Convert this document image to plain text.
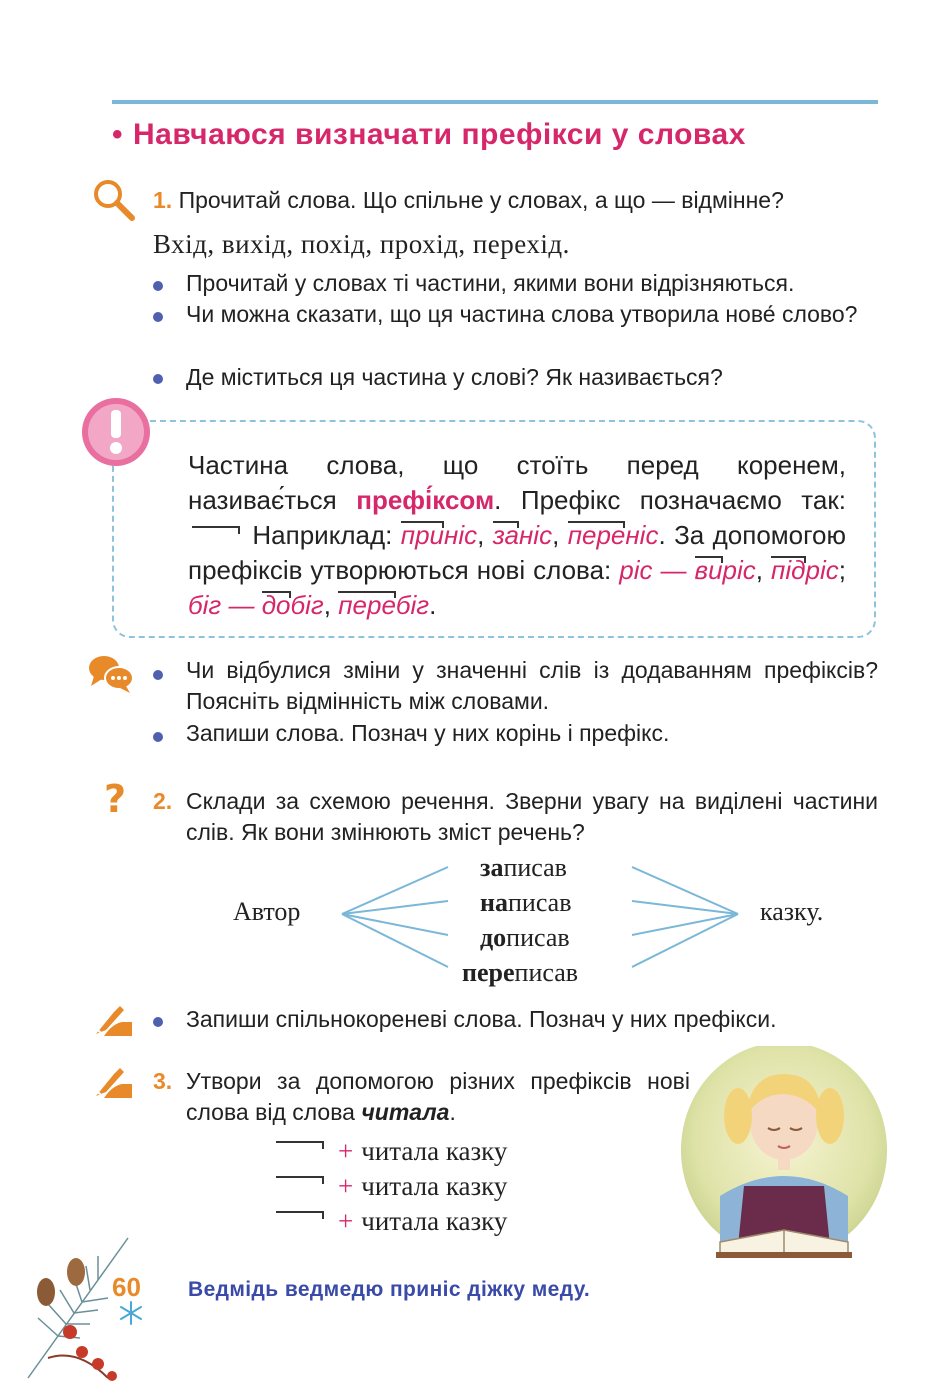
• Навчаюся визначати префікси у словах
1. Прочитай слова. Що спільне у словах, а що — відмінне?
Вхід, вихід, похід, прохід, перехід.
Прочитай у словах ті частини, якими вони відрізняються.
Чи можна сказати, що ця частина слова утворила нове́ слово?
Де міститься ця частина у слові? Як називається?
Частина слова, що стоїть перед коренем, називає́ться префі́ксом. Префікс позначаємо так:  Наприклад: приніс, заніс, переніс. За допомогою префіксів утворюються нові слова: ріс — виріс, підріс; біг — добіг, перебіг.
Чи відбулися зміни у значенні слів із додаванням префіксів? Поясніть відмінність між словами.
Запиши слова. Познач у них корінь і префікс.
? 2. Склади за схемою речення. Зверни увагу на виділені частини слів. Як вони змінюють зміст речень?
Автор	казку.
записав
написав
дописав
переписав
Запиши спільнокореневі слова. Познач у них префікси.
3. Утвори за допомогою різних префіксів нові слова від слова читала.
+ читала казку
+ читала казку
+ читала казку
60 Ведмідь ведмедю приніс діжку меду.
